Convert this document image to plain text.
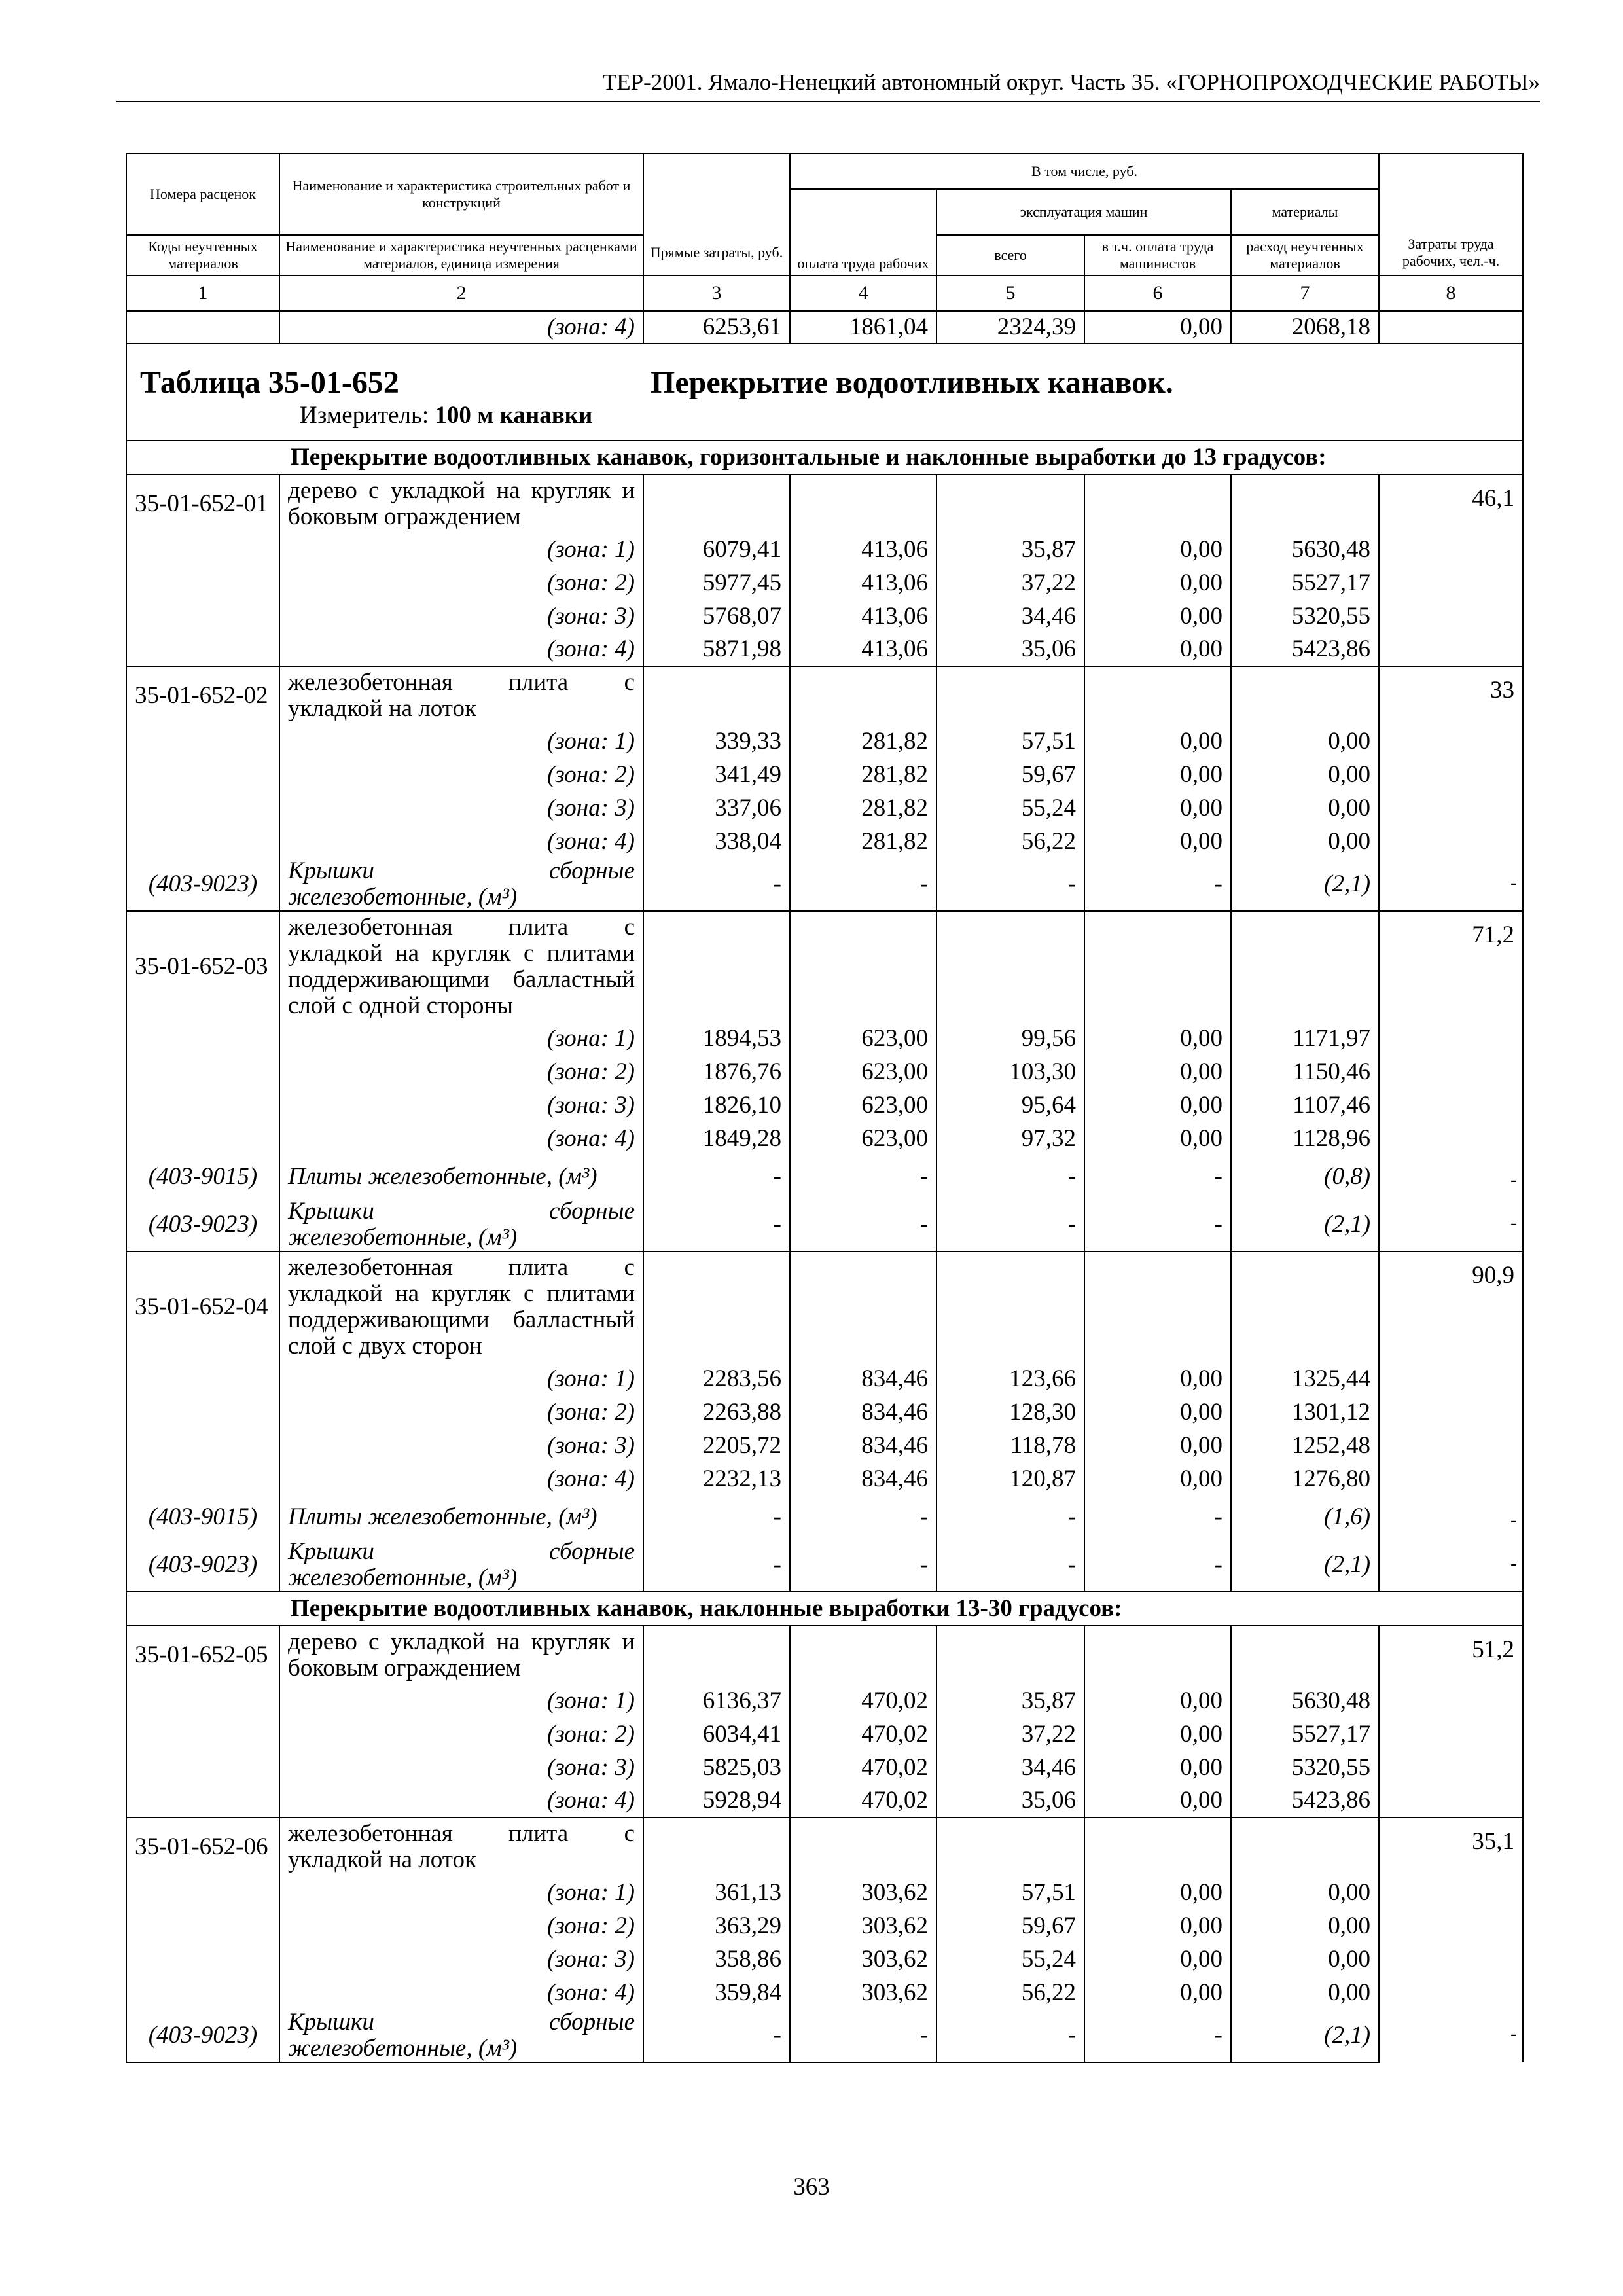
ТЕР-2001. Ямало-Ненецкий автономный округ. Часть 35. «ГОРНОПРОХОДЧЕСКИЕ РАБОТЫ»
Номера расценок	Наименование и характеристика строительных работ и конструкций	Прямые затраты, руб.	В том числе, руб.				Затраты труда рабочих, чел.-ч.
			оплата труда рабочих	эксплуатация машин		материалы	
Коды неучтенных материалов	Наименование и характеристика неучтенных расценками материалов, единица измерения			всего	в т.ч. оплата труда машинистов	расход неучтенных материалов	

1	2	3	4	5	6	7	8
	(зона: 4)	6253,61	1861,04	2324,39	0,00	2068,18	
Таблица 35-01-652 Перекрытие водоотливных канавок.
Измеритель: 100 м канавки							

Перекрытие водоотливных канавок, горизонтальные и наклонные выработки до 13 градусов:							
35-01-652-01	дерево с укладкой на кругляк и боковым ограждением						46,1
	(зона: 1)	6079,41	413,06	35,87	0,00	5630,48	
	(зона: 2)	5977,45	413,06	37,22	0,00	5527,17	
	(зона: 3)	5768,07	413,06	34,46	0,00	5320,55	
	(зона: 4)	5871,98	413,06	35,06	0,00	5423,86	
35-01-652-02	железобетонная плита с укладкой на лоток						33
	(зона: 1)	339,33	281,82	57,51	0,00	0,00	
	(зона: 2)	341,49	281,82	59,67	0,00	0,00	
	(зона: 3)	337,06	281,82	55,24	0,00	0,00	
	(зона: 4)	338,04	281,82	56,22	0,00	0,00	
(403-9023)	Крышки сборные железобетонные, (м³)	-	-	-	-	(2,1) -	

35-01-652-03	железобетонная плита с укладкой на кругляк с плитами поддерживающими балластный слой с одной стороны						71,2
	(зона: 1)	1894,53	623,00	99,56	0,00	1171,97	
	(зона: 2)	1876,76	623,00	103,30	0,00	1150,46	
	(зона: 3)	1826,10	623,00	95,64	0,00	1107,46	
	(зона: 4)	1849,28	623,00	97,32	0,00	1128,96	
(403-9015)	Плиты железобетонные, (м³)	-	-	-	-	(0,8) -	

(403-9023)	Крышки сборные железобетонные, (м³)	-	-	-	-	(2,1) -	

35-01-652-04	железобетонная плита с укладкой на кругляк с плитами поддерживающими балластный слой с двух сторон						90,9
	(зона: 1)	2283,56	834,46	123,66	0,00	1325,44	
	(зона: 2)	2263,88	834,46	128,30	0,00	1301,12	
	(зона: 3)	2205,72	834,46	118,78	0,00	1252,48	
	(зона: 4)	2232,13	834,46	120,87	0,00	1276,80	
(403-9015)	Плиты железобетонные, (м³)	-	-	-	-	(1,6) -	

(403-9023)	Крышки сборные железобетонные, (м³)	-	-	-	-	(2,1) -	

Перекрытие водоотливных канавок, наклонные выработки 13-30 градусов:							
35-01-652-05	дерево с укладкой на кругляк и боковым ограждением						51,2
	(зона: 1)	6136,37	470,02	35,87	0,00	5630,48	
	(зона: 2)	6034,41	470,02	37,22	0,00	5527,17	
	(зона: 3)	5825,03	470,02	34,46	0,00	5320,55	
	(зона: 4)	5928,94	470,02	35,06	0,00	5423,86	
35-01-652-06	железобетонная плита с укладкой на лоток						35,1
	(зона: 1)	361,13	303,62	57,51	0,00	0,00	
	(зона: 2)	363,29	303,62	59,67	0,00	0,00	
	(зона: 3)	358,86	303,62	55,24	0,00	0,00	
	(зона: 4)	359,84	303,62	56,22	0,00	0,00	
(403-9023)	Крышки сборные железобетонные, (м³)	-	-	-	-	(2,1) -	
363
